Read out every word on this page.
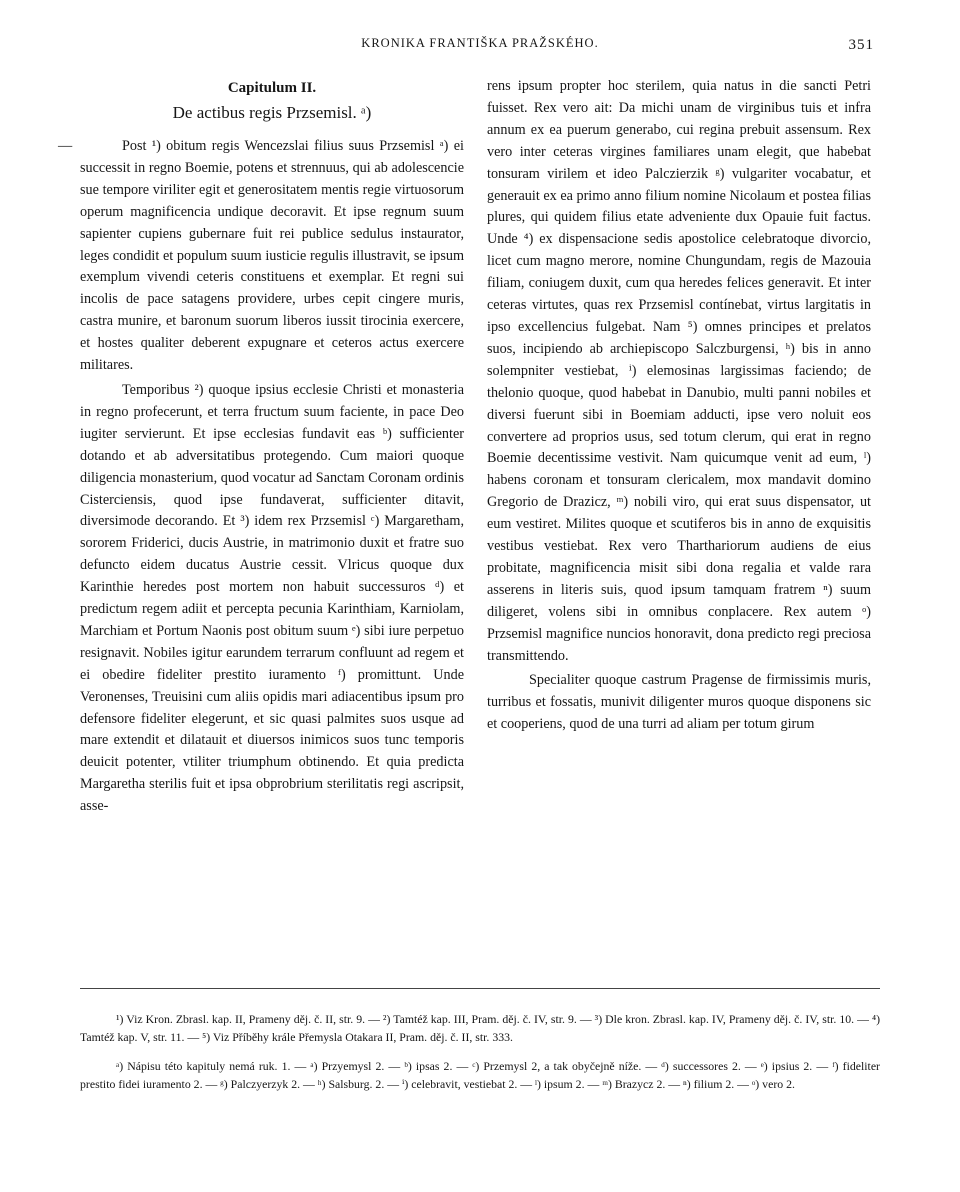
KRONIKA FRANTIŠKA PRAŽSKÉHO.	351
Capitulum II.
De actibus regis Przsemisl. ᵃ)

—	Post ¹) obitum regis Wencezslai filius suus Przsemisl ᵃ) ei successit in regno Boemie, potens et strennuus, qui ab adolescencie sue tempore viriliter egit et generositatem mentis regie virtuosorum operum magnificencia undique decoravit. Et ipse regnum suum sapienter cupiens gubernare fuit rei publice sedulus instaurator, leges condidit et populum suum iusticie regulis illustravit, se ipsum exemplum vivendi ceteris constituens et exemplar. Et regni sui incolis de pace satagens providere, urbes cepit cingere muris, castra munire, et baronum suorum liberos iussit tirocinia exercere, et hostes qualiter deberent expugnare et ceteros actus exercere militares.

Temporibus ²) quoque ipsius ecclesie Christi et monasteria in regno profecerunt, et terra fructum suum faciente, in pace Deo iugiter servierunt. Et ipse ecclesias fundavit eas ᵇ) sufficienter dotando et ab adversitatibus protegendo. Cum maiori quoque diligencia monasterium, quod vocatur ad Sanctam Coronam ordinis Cisterciensis, quod ipse fundaverat, sufficienter ditavit, diversimode decorando. Et ³) idem rex Przsemisl ᶜ) Margaretham, sororem Friderici, ducis Austrie, in matrimonio duxit et fratre suo defuncto eidem ducatus Austrie cessit. Vlricus quoque dux Karinthie heredes post mortem non habuit successuros ᵈ) et predictum regem adiit et percepta pecunia Karinthiam, Karniolam, Marchiam et Portum Naonis post obitum suum ᵉ) sibi iure perpetuo resignavit. Nobiles igitur earundem terrarum confluunt ad regem et ei obedire fideliter prestito iuramento ᶠ) promittunt. Unde Veronenses, Treuisini cum aliis opidis mari adiacentibus ipsum pro defensore fideliter elegerunt, et sic quasi palmites suos usque ad mare extendit et dilatauit et diuersos inimicos suos tunc temporis deuicit potenter, vtiliter triumphum obtinendo. Et quia predicta Margaretha sterilis fuit et ipsa obprobrium sterilitatis regi ascripsit, asse-

rens ipsum propter hoc sterilem, quia natus in die sancti Petri fuisset. Rex vero ait: Da michi unam de virginibus tuis et infra annum ex ea puerum generabo, cui regina prebuit assensum. Rex vero inter ceteras virgines familiares unam elegit, que habebat tonsuram virilem et ideo Palczierzik ᵍ) vulgariter vocabatur, et generauit ex ea primo anno filium nomine Nicolaum et postea filias plures, qui quidem filius etate adveniente dux Opauie fuit factus. Unde ⁴) ex dispensacione sedis apostolice celebratoque divorcio, licet cum magno merore, nomine Chungundam, regis de Mazouia filiam, coniugem duxit, cum qua heredes felices generavit. Et inter ceteras virtutes, quas rex Przsemisl contínebat, virtus largitatis in ipso excellencius fulgebat. Nam ⁵) omnes principes et prelatos suos, incipiendo ab archiepiscopo Salczburgensi, ʰ) bis in anno solempniter vestiebat, ⁱ) elemosinas largissimas faciendo; de thelonio quoque, quod habebat in Danubio, multi panni nobiles et diversi fuerunt sibi in Boemiam adducti, ipse vero noluit eos convertere ad proprios usus, sed totum clerum, qui erat in regno Boemie decentissime vestivit. Nam quicumque venit ad eum, ˡ) habens coronam et tonsuram clericalem, mox mandavit domino Gregorio de Drazicz, ᵐ) nobili viro, qui erat suus dispensator, ut eum vestiret. Milites quoque et scutiferos bis in anno de exquisitis vestibus vestiebat. Rex vero Tharthariorum audiens de eius probitate, magnificencia misit sibi dona regalia et valde rara asserens in literis suis, quod ipsum tamquam fratrem ⁿ) suum diligeret, volens sibi in omnibus conplacere. Rex autem ᵒ) Przsemisl magnifice nuncios honoravit, dona predicto regi preciosa transmittendo.

Specialiter quoque castrum Pragense de firmissimis muris, turribus et fossatis, munivit diligenter muros quoque disponens sic et cooperiens, quod de una turri ad aliam per totum girum

¹) Viz Kron. Zbrasl. kap. II, Prameny děj. č. II, str. 9. — ²) Tamtéž kap. III, Pram. děj. č. IV, str. 9. — ³) Dle kron. Zbrasl. kap. IV, Prameny děj. č. IV, str. 10. — ⁴) Tamtéž kap. V, str. 11. — ⁵) Viz Příběhy krále Přemysla Otakara II, Pram. děj. č. II, str. 333.

ᵃ) Nápisu této kapituly nemá ruk. 1. — ᵃ) Przyemysl 2. — ᵇ) ipsas 2. — ᶜ) Przemysl 2, a tak obyčejně níže. — ᵈ) successores 2. — ᵉ) ipsius 2. — ᶠ) fideliter prestito fidei iuramento 2. — ᵍ) Palczyerzyk 2. — ʰ) Salsburg. 2. — ⁱ) celebravit, vestiebat 2. — ˡ) ipsum 2. — ᵐ) Brazycz 2. — ⁿ) filium 2. — ᵒ) vero 2.
